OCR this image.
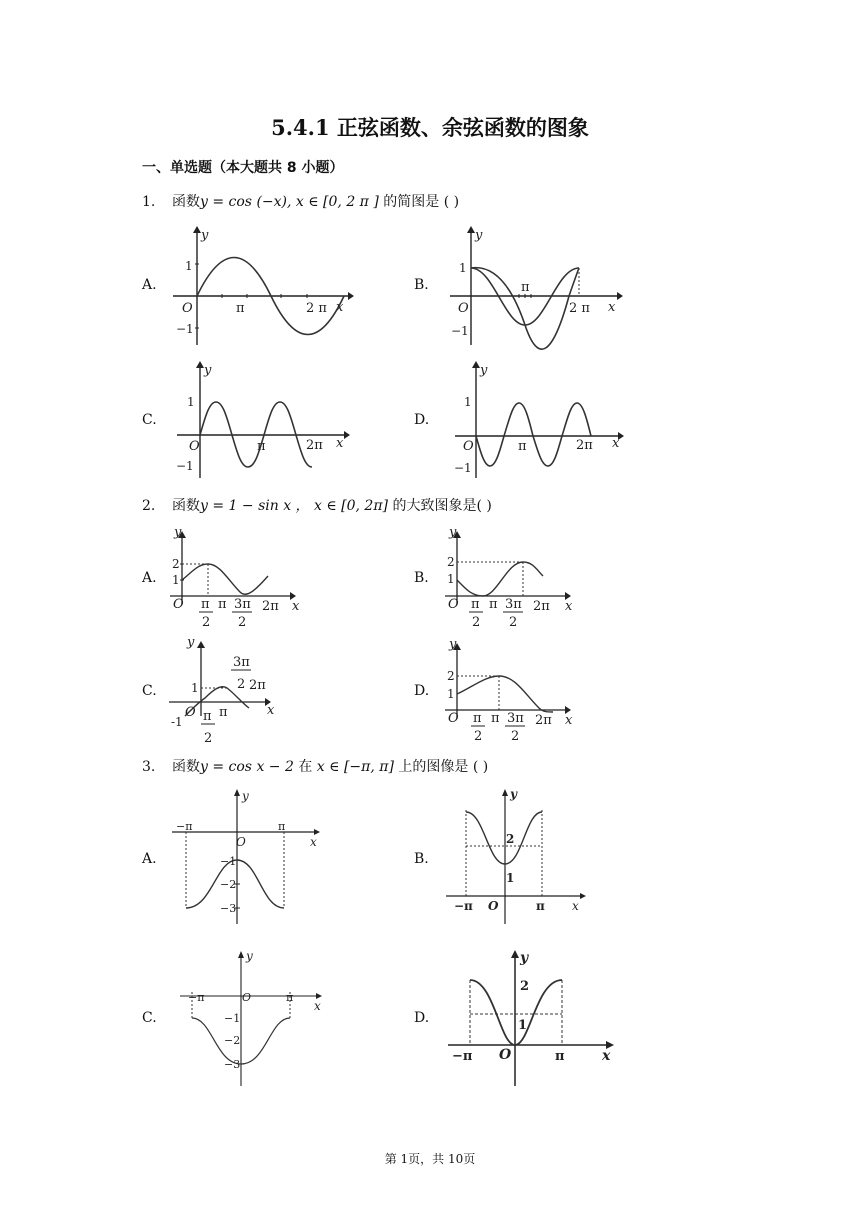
5.4.1 正弦函数、余弦函数的图象
一、单选题（本大题共 8 小题）
1. 函数y = cos (−x), x ∈ [0, 2 π ] 的简图是 ( )
A.
y
1
−1
O	π	2 π x
B.
y
1
−1
O
π
2 π x
C.
y
1
−1
O	π	2π x
D.
y
1
−1
O	π	2π x
2. 函数y = 1 − sin x ， x ∈ [0, 2π] 的大致图象是( )
A.
y
2
1
O π
2
π 3π
2
2π x
B.
y
2
1
O π
2
π 3π
2
2π x
C.
y
1
O
-1 π
2
π
3π
2 2π
x
D.
y
2
1
O π
2
π 3π
2
2π x
3. 函数y = cos x − 2 在 x ∈ [−π, π] 上的图像是 ( )
A.
y
−π	π
O
−1
−2
−3
x
B.
y
2
1
−π O	π x
C.
y
−π	O	π
−1
−2
−3
x
D.
y
2
1
−π O	π	x
第 1页，共 10页
